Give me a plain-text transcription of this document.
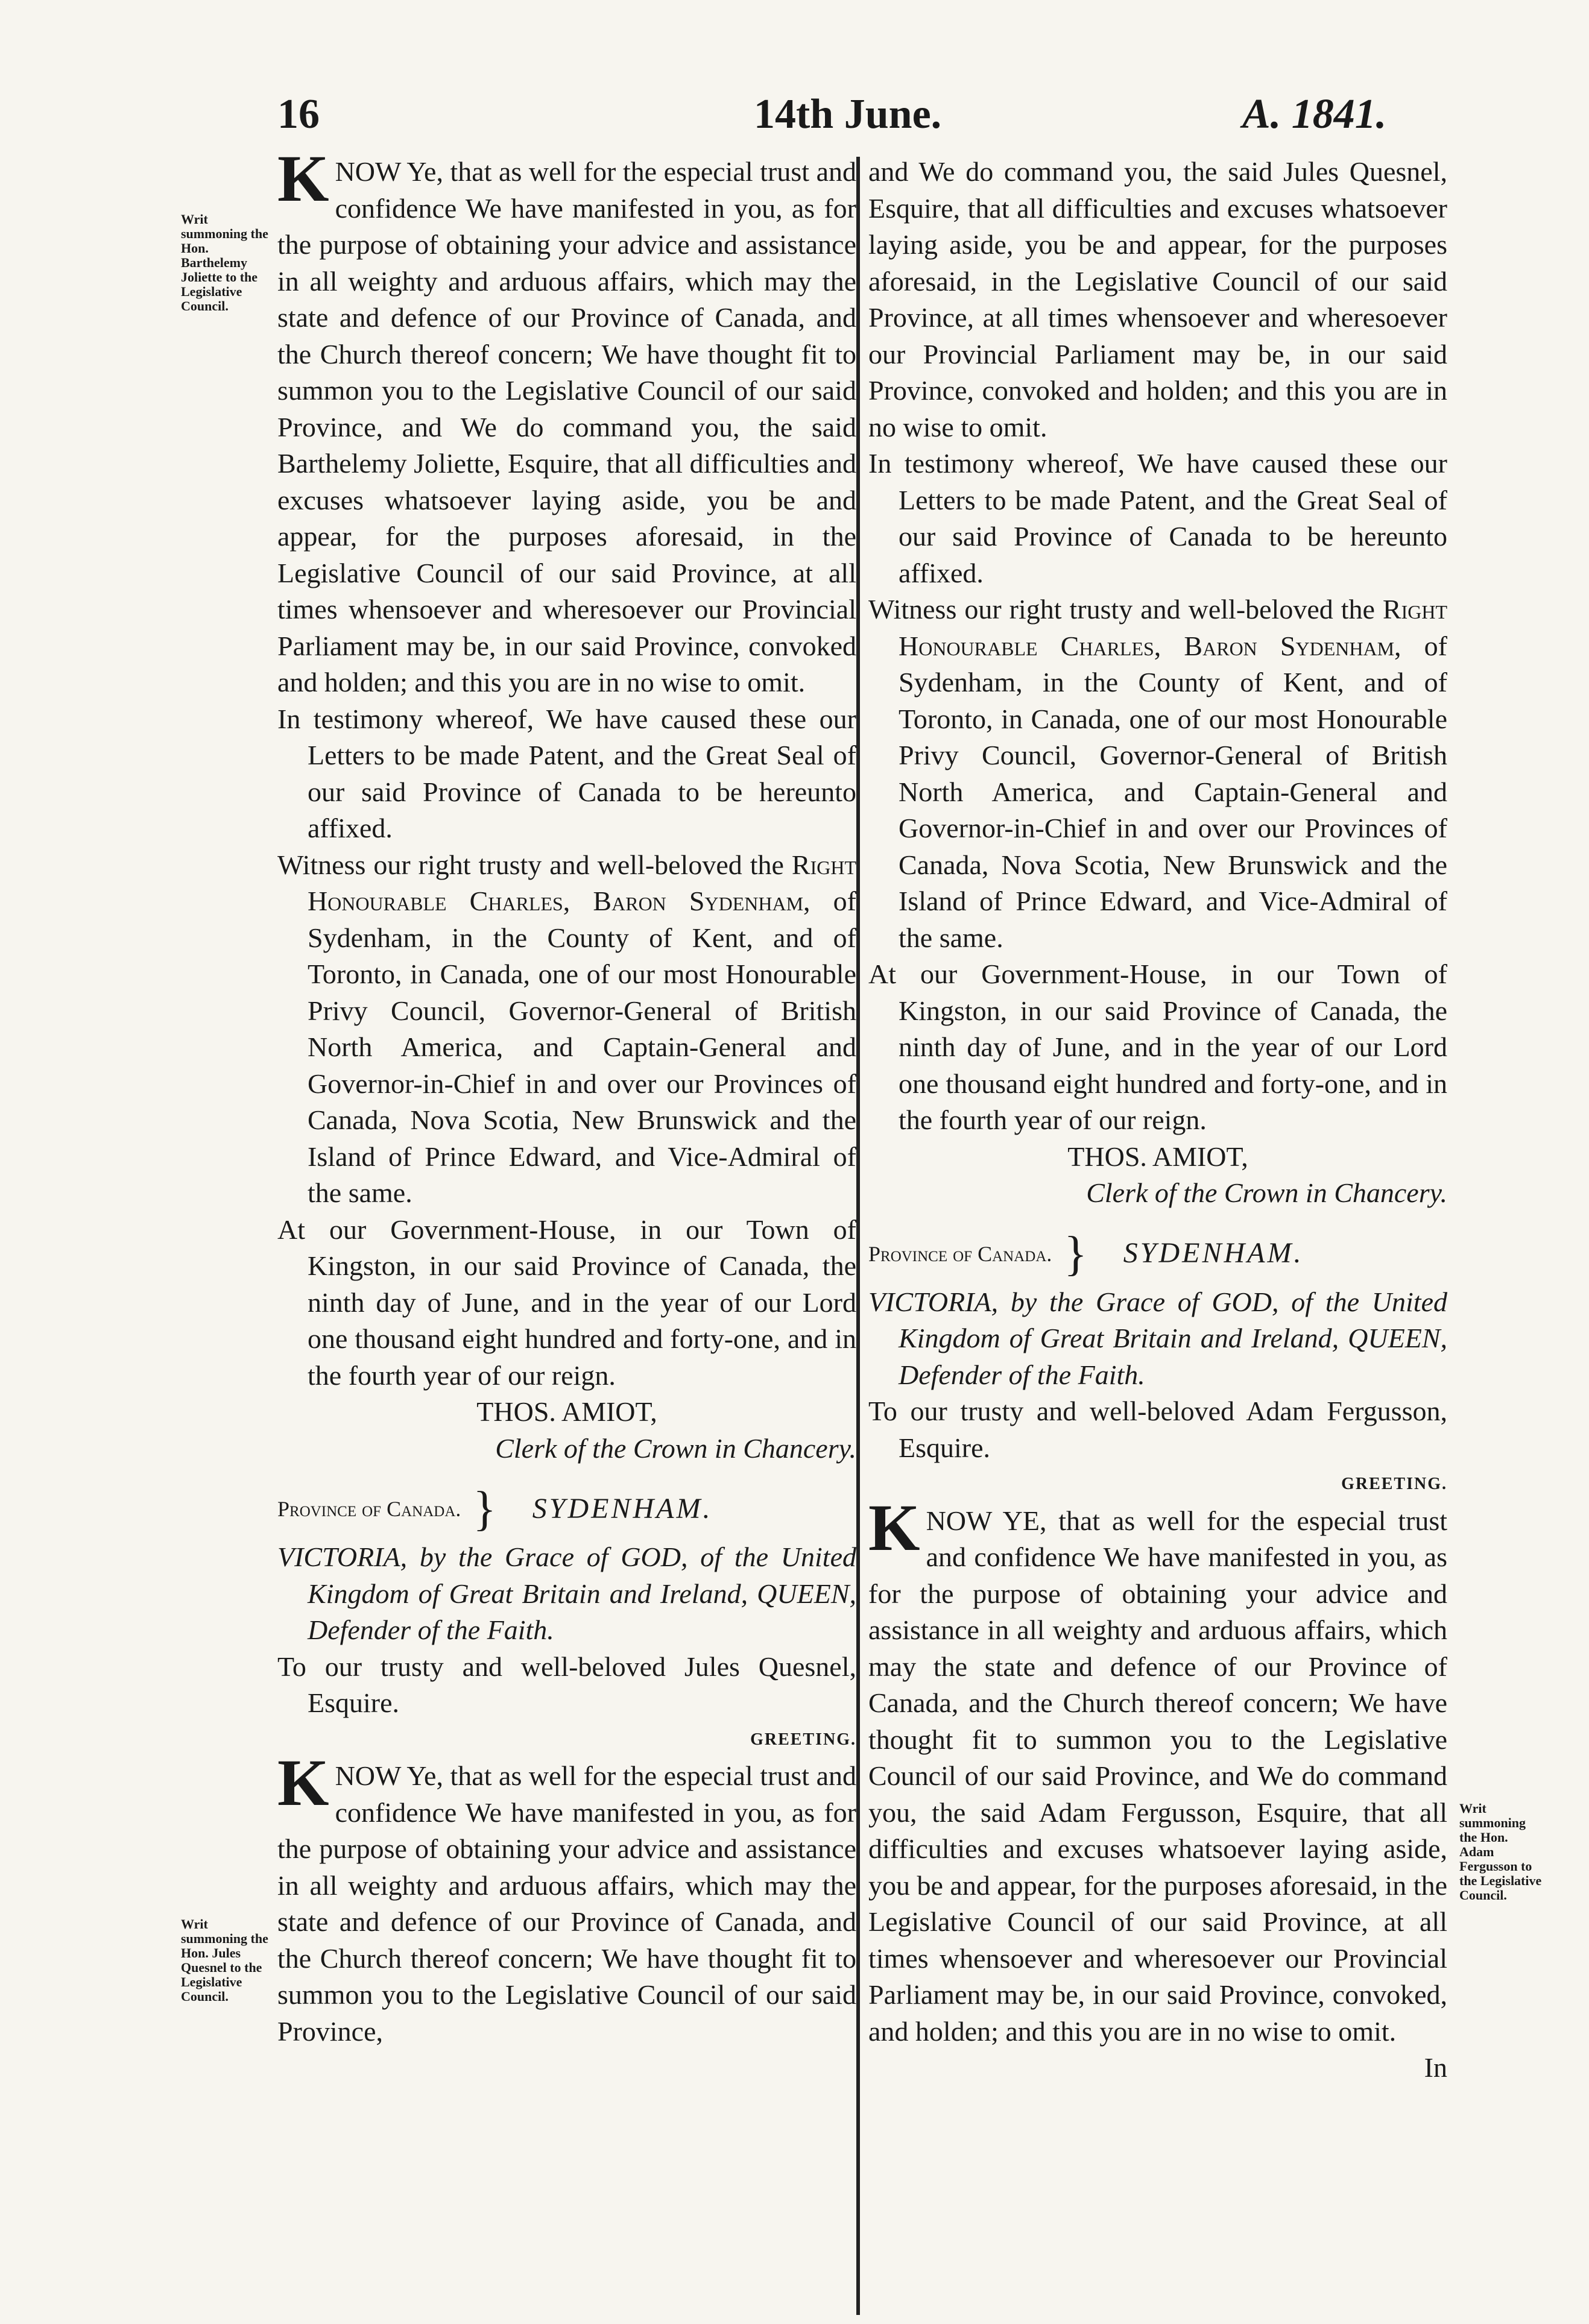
16	14th June.	A. 1841.
Writ summoning the Hon. Barthelemy Joliette to the Legislative Council.
Writ summoning the Hon. Jules Quesnel to the Legislative Council.
Writ summoning the Hon. Adam Fergusson to the Legislative Council.

KNOW Ye, that as well for the especial trust and confidence We have manifested in you, as for the purpose of obtaining your advice and assistance in all weighty and arduous affairs, which may the state and defence of our Province of Canada, and the Church thereof concern; We have thought fit to summon you to the Legislative Council of our said Province, and We do command you, the said Barthelemy Joliette, Esquire, that all difficulties and excuses whatsoever laying aside, you be and appear, for the purposes aforesaid, in the Legislative Council of our said Province, at all times whensoever and wheresoever our Provincial Parliament may be, in our said Province, convoked and holden; and this you are in no wise to omit.

In testimony whereof, We have caused these our Letters to be made Patent, and the Great Seal of our said Province of Canada to be hereunto affixed.

Witness our right trusty and well-beloved the Right Honourable Charles, Baron Sydenham, of Sydenham, in the County of Kent, and of Toronto, in Canada, one of our most Honourable Privy Council, Governor-General of British North America, and Captain-General and Governor-in-Chief in and over our Provinces of Canada, Nova Scotia, New Brunswick and the Island of Prince Edward, and Vice-Admiral of the same.

At our Government-House, in our Town of Kingston, in our said Province of Canada, the ninth day of June, and in the year of our Lord one thousand eight hundred and forty-one, and in the fourth year of our reign.

THOS. AMIOT,

Clerk of the Crown in Chancery.

Province of Canada. } SYDENHAM.

VICTORIA, by the Grace of GOD, of the United Kingdom of Great Britain and Ireland, QUEEN, Defender of the Faith.

To our trusty and well-beloved Jules Quesnel, Esquire.

GREETING.

KNOW Ye, that as well for the especial trust and confidence We have manifested in you, as for the purpose of obtaining your advice and assistance in all weighty and arduous affairs, which may the state and defence of our Province of Canada, and the Church thereof concern; We have thought fit to summon you to the Legislative Council of our said Province,

and We do command you, the said Jules Quesnel, Esquire, that all difficulties and excuses whatsoever laying aside, you be and appear, for the purposes aforesaid, in the Legislative Council of our said Province, at all times whensoever and wheresoever our Provincial Parliament may be, in our said Province, convoked and holden; and this you are in no wise to omit.

In testimony whereof, We have caused these our Letters to be made Patent, and the Great Seal of our said Province of Canada to be hereunto affixed.

Witness our right trusty and well-beloved the Right Honourable Charles, Baron Sydenham, of Sydenham, in the County of Kent, and of Toronto, in Canada, one of our most Honourable Privy Council, Governor-General of British North America, and Captain-General and Governor-in-Chief in and over our Provinces of Canada, Nova Scotia, New Brunswick and the Island of Prince Edward, and Vice-Admiral of the same.

At our Government-House, in our Town of Kingston, in our said Province of Canada, the ninth day of June, and in the year of our Lord one thousand eight hundred and forty-one, and in the fourth year of our reign.

THOS. AMIOT,

Clerk of the Crown in Chancery.

Province of Canada. } SYDENHAM.

VICTORIA, by the Grace of GOD, of the United Kingdom of Great Britain and Ireland, QUEEN, Defender of the Faith.

To our trusty and well-beloved Adam Fergusson, Esquire.

GREETING.

KNOW YE, that as well for the especial trust and confidence We have manifested in you, as for the purpose of obtaining your advice and assistance in all weighty and arduous affairs, which may the state and defence of our Province of Canada, and the Church thereof concern; We have thought fit to summon you to the Legislative Council of our said Province, and We do command you, the said Adam Fergusson, Esquire, that all difficulties and excuses whatsoever laying aside, you be and appear, for the purposes aforesaid, in the Legislative Council of our said Province, at all times whensoever and wheresoever our Provincial Parliament may be, in our said Province, convoked, and holden; and this you are in no wise to omit.

In
